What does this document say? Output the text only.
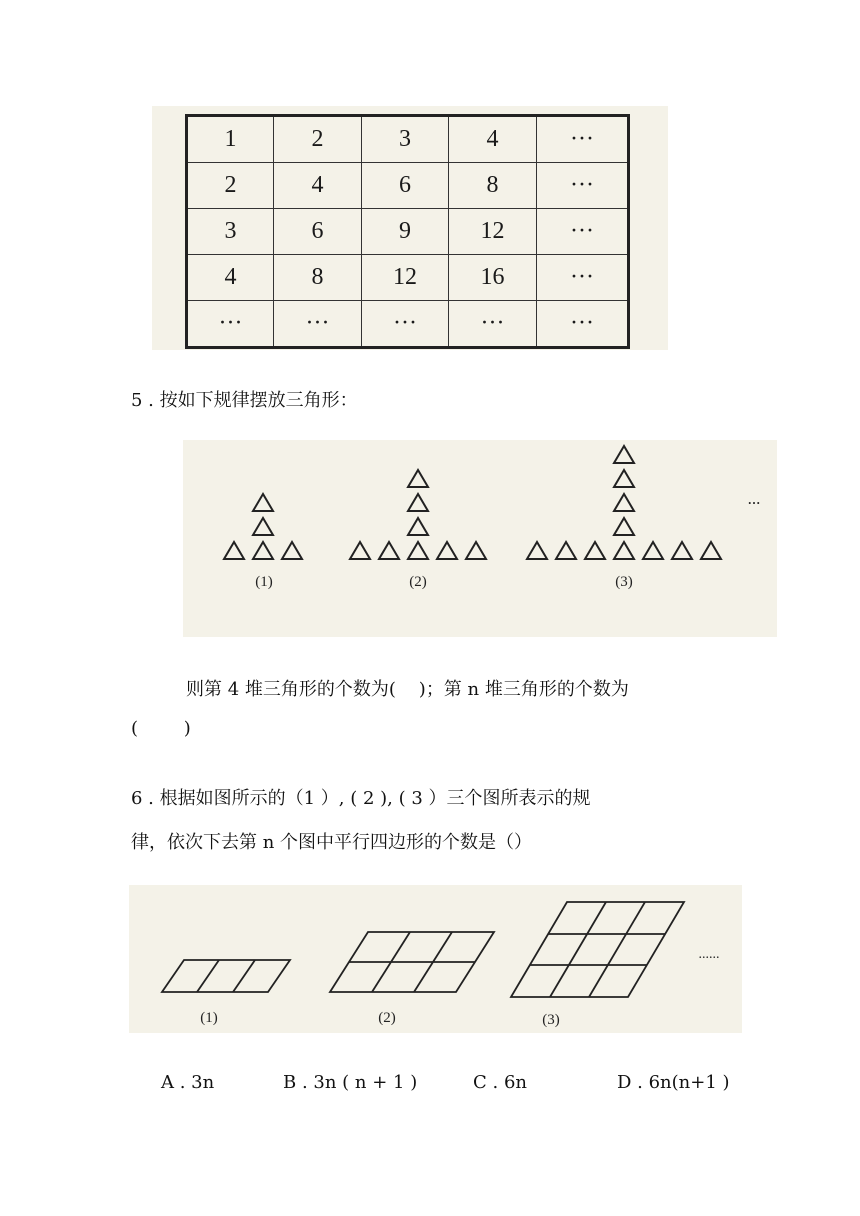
1	2	3	4	···
2	4	6	8	···
3	6	9	12	···
4	8	12	16	···
···	···	···	···	···
5 . 按如下规律摆放三角形：
(1)	(2)	(3)
...
则第 4 堆三角形的个数为(    )；第 n 堆三角形的个数为
(        )
6 . 根据如图所示的（1 ）, ( 2 ), ( 3 ）三个图所表示的规
律，依次下去第 n 个图中平行四边形的个数是（）
(1)	(2)	(3)
......
A . 3n	B . 3n ( n + 1 )	C . 6n	D . 6n(n+1 )
